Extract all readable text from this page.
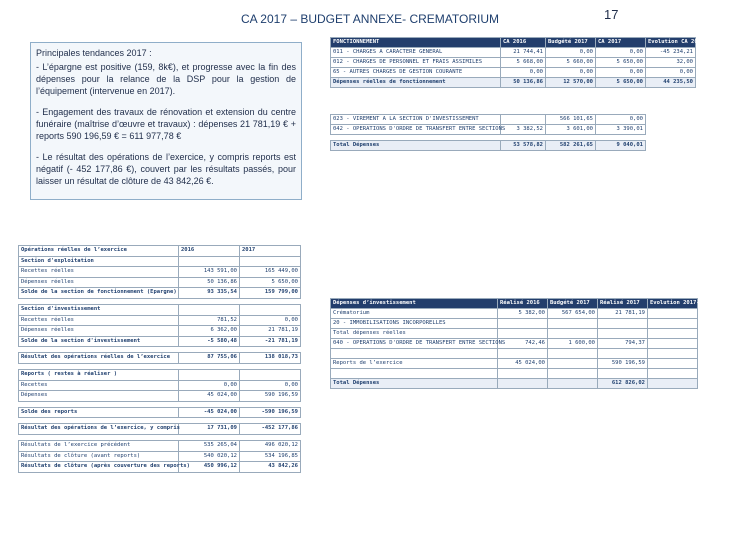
CA 2017 – BUDGET ANNEXE- CREMATORIUM	17

Principales tendances 2017 :

- L’épargne est positive (159, 8k€), et progresse avec la fin des dépenses pour la relance de la DSP pour la gestion de l’équipement (intervenue en 2017).

- Engagement des travaux de rénovation et extension du centre funéraire (maîtrise d’œuvre et travaux) : dépenses 21 781,19 € + reports 590 196,59 € = 611 977,78 €

- Le résultat des opérations de l’exercice, y compris reports est négatif (- 452 177,86 €), couvert par les résultats passés, pour laisser un résultat de clôture de 43 842,26 €.

FONCTIONNEMENT	CA 2016	Budgété 2017	CA 2017	Evolution CA 2017-CA 2016
011 - CHARGES A CARACTERE GENERAL	21 744,41	0,00	0,00	-45 234,21
012 - CHARGES DE PERSONNEL ET FRAIS ASSIMILES	5 668,00	5 660,00	5 650,00	32,00
65 - AUTRES CHARGES DE GESTION COURANTE	0,00	0,00	0,00	0,00
Dépenses réelles de fonctionnement	50 136,86	12 570,00	5 650,00	44 235,50
023 - VIREMENT A LA SECTION D'INVESTISSEMENT		566 101,65	0,00	
042 - OPERATIONS D'ORDRE DE TRANSFERT ENTRE SECTIONS	3 382,52	3 601,00	3 390,01	

Total Dépenses	53 578,82	582 261,65	9 040,01	
Opérations réelles de l’exercice	2016	2017
Section d'exploitation		
Recettes réelles	143 591,00	165 449,00
Dépenses réelles	50 136,86	5 650,00
Solde de la section de fonctionnement (Epargne)	93 335,54	159 799,00

Section d'investissement		
Recettes réelles	781,52	0,00
Dépenses réelles	6 362,00	21 781,19
Solde de la section d'investissement	-5 580,48	-21 781,19

Résultat des opérations réelles de l’exercice	87 755,06	138 018,73

Reports ( restes à réaliser )		
Recettes	0,00	0,00
Dépenses	45 024,00	590 196,59

Solde des reports	-45 024,00	-590 196,59

Résultat des opérations de l’exercice, y compris	17 731,09	-452 177,86

Résultats de l’exercice précédent	535 265,04	496 020,12
Résultats de clôture (avant reports)	540 020,12	534 196,85
Résultats de clôture (après couverture des reports)	450 996,12	43 842,26
Dépenses d’investissement	Réalisé 2016	Budgété 2017	Réalisé 2017	Evolution 2017-2016
Crématorium	5 382,00	567 654,00	21 781,19	
20 - IMMOBILISATIONS INCORPORELLES				
Total dépenses réelles				
040 - OPERATIONS D'ORDRE DE TRANSFERT ENTRE SECTIONS	742,46	1 600,00	794,37	

Reports de l’exercice	45 024,00		590 196,59	

Total Dépenses			612 826,02	
